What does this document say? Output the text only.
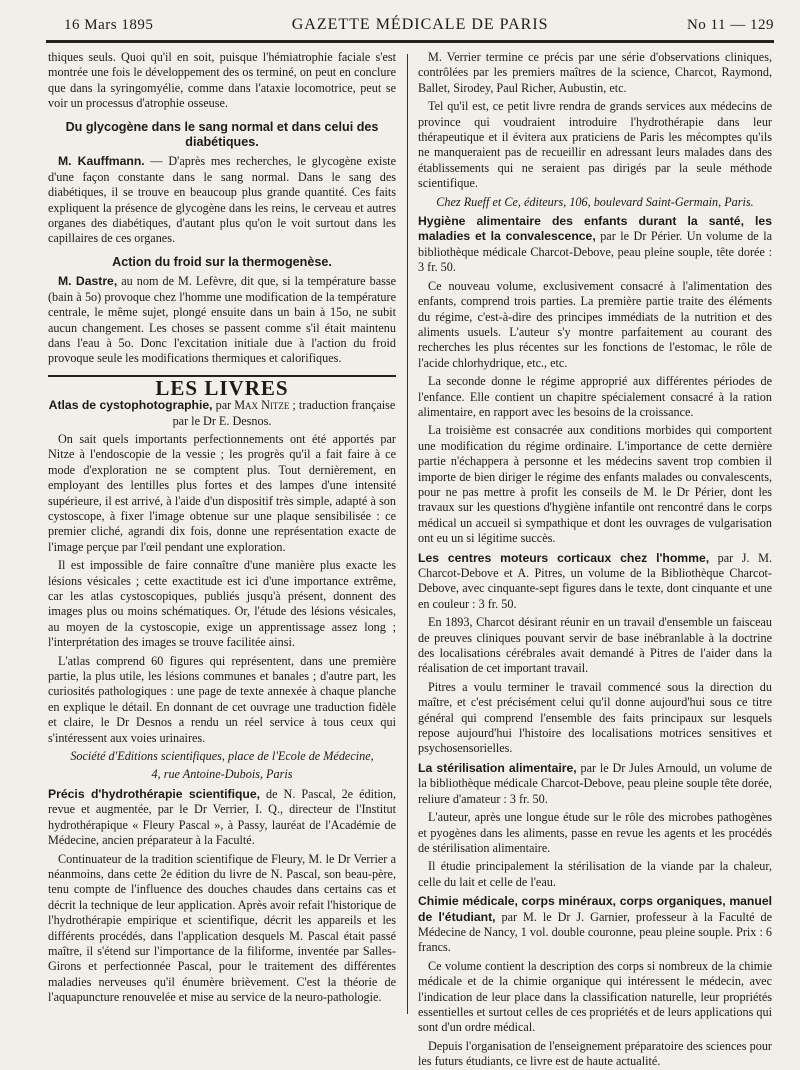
16 Mars 1895	GAZETTE MÉDICALE DE PARIS	No 11 — 129

thiques seuls. Quoi qu'il en soit, puisque l'hémiatrophie faciale s'est montrée une fois le développement des os terminé, on peut en conclure que dans la syringomyélie, comme dans l'ataxie locomotrice, peut se voir un processus d'atrophie osseuse.

Du glycogène dans le sang normal et dans celui des diabétiques.

M. Kauffmann. — D'après mes recherches, le glycogène existe d'une façon constante dans le sang normal. Dans le sang des diabétiques, il se trouve en beaucoup plus grande quantité. Ces faits expliquent la présence de glycogène dans les reins, le cerveau et autres organes des diabétiques, d'autant plus qu'on le voit surtout dans les capillaires de ces organes.

Action du froid sur la thermogenèse.

M. Dastre, au nom de M. Lefèvre, dit que, si la température basse (bain à 5o) provoque chez l'homme une modification de la température centrale, le même sujet, plongé ensuite dans un bain à 15o, ne subit aucun changement. Les choses se passent comme s'il était maintenu dans l'eau à 5o. Donc l'excitation initiale due à l'action du froid provoque seule les modifications thermiques et calorifiques.

LES LIVRES

Atlas de cystophotographie, par Max Nitze ; traduction française par le Dr E. Desnos.

On sait quels importants perfectionnements ont été apportés par Nitze à l'endoscopie de la vessie ; les progrès qu'il a fait faire à ce mode d'exploration ne se comptent plus. Tout dernièrement, en employant des lentilles plus fortes et des lampes d'une intensité supérieure, il est arrivé, à l'aide d'un dispositif très simple, adapté à son cystoscope, à fixer l'image obtenue sur une plaque sensibilisée : ce premier cliché, agrandi dix fois, donne une représentation exacte de l'image perçue par l'œil pendant une exploration.

Il est impossible de faire connaître d'une manière plus exacte les lésions vésicales ; cette exactitude est ici d'une importance extrême, car les atlas cystoscopiques, publiés jusqu'à présent, donnent des images plus ou moins schématiques. Or, l'étude des lésions vésicales, au moyen de la cystoscopie, exige un apprentissage assez long ; l'interprétation des images se trouve facilitée ainsi.

L'atlas comprend 60 figures qui représentent, dans une première partie, la plus utile, les lésions communes et banales ; d'autre part, les curiosités pathologiques : une page de texte annexée à chaque planche en explique le détail. En donnant de cet ouvrage une traduction fidèle et claire, le Dr Desnos a rendu un réel service à tous ceux qui s'intéressent aux voies urinaires.

Société d'Editions scientifiques, place de l'Ecole de Médecine,

4, rue Antoine-Dubois, Paris

Précis d'hydrothérapie scientifique, de N. Pascal, 2e édition, revue et augmentée, par le Dr Verrier, I. Q., directeur de l'Institut hydrothérapique « Fleury Pascal », à Passy, lauréat de l'Académie de Médecine, ancien préparateur à la Faculté.

Continuateur de la tradition scientifique de Fleury, M. le Dr Verrier a néanmoins, dans cette 2e édition du livre de N. Pascal, son beau-père, tenu compte de l'influence des douches chaudes dans certains cas et décrit la technique de leur application. Après avoir refait l'historique de l'hydrothérapie empirique et scientifique, décrit les appareils et les différents procédés, dans l'application desquels M. Pascal était passé maître, il s'étend sur l'importance de la filiforme, inventée par Salles-Girons et perfectionnée Pascal, pour le traitement des différentes maladies nerveuses qu'il énumère brièvement. C'est la théorie de l'aquapuncture renouvelée et mise au service de la neuro-pathologie.

M. Verrier termine ce précis par une série d'observations cliniques, contrôlées par les premiers maîtres de la science, Charcot, Raymond, Ballet, Sirodey, Paul Richer, Aubustin, etc.

Tel qu'il est, ce petit livre rendra de grands services aux médecins de province qui voudraient introduire l'hydrothérapie dans leur thérapeutique et il évitera aux praticiens de Paris les mécomptes qu'ils ne manqueraient pas de recueillir en adressant leurs malades dans des établissements qui ne seraient pas dirigés par la seule méthode scientifique.

Chez Rueff et Ce, éditeurs, 106, boulevard Saint-Germain, Paris.

Hygiène alimentaire des enfants durant la santé, les maladies et la convalescence, par le Dr Périer. Un volume de la bibliothèque médicale Charcot-Debove, peau pleine souple, tête dorée : 3 fr. 50.

Ce nouveau volume, exclusivement consacré à l'alimentation des enfants, comprend trois parties. La première partie traite des éléments du régime, c'est-à-dire des principes immédiats de la nutrition et des aliments usuels. L'auteur s'y montre parfaitement au courant des recherches les plus récentes sur les fonctions de l'estomac, le rôle de l'acide chlorhydrique, etc., etc.

La seconde donne le régime approprié aux différentes périodes de l'enfance. Elle contient un chapitre spécialement consacré à la ration alimentaire, en rapport avec les besoins de la croissance.

La troisième est consacrée aux conditions morbides qui comportent une modification du régime ordinaire. L'importance de cette dernière partie n'échappera à personne et les médecins savent trop combien il importe de bien diriger le régime des enfants malades ou convalescents, pour ne pas mettre à profit les conseils de M. le Dr Périer, dont les travaux sur les questions d'hygiène infantile ont rencontré dans le corps médical un accueil si sympathique et dont les ouvrages de vulgarisation ont eu un si légitime succès.

Les centres moteurs corticaux chez l'homme, par J. M. Charcot-Debove et A. Pitres, un volume de la Bibliothèque Charcot-Debove, avec cinquante-sept figures dans le texte, dont cinquante et une en couleur : 3 fr. 50.

En 1893, Charcot désirant réunir en un travail d'ensemble un faisceau de preuves cliniques pouvant servir de base inébranlable à la doctrine des localisations cérébrales avait demandé à Pitres de l'aider dans la réalisation de cet important travail.

Pitres a voulu terminer le travail commencé sous la direction du maître, et c'est précisément celui qu'il donne aujourd'hui sous ce titre général qui comprend l'ensemble des faits principaux sur lesquels repose aujourd'hui l'histoire des localisations motrices sensitives et psychosensorielles.

La stérilisation alimentaire, par le Dr Jules Arnould, un volume de la bibliothèque médicale Charcot-Debove, peau pleine souple tête dorée, reliure d'amateur : 3 fr. 50.

L'auteur, après une longue étude sur le rôle des microbes pathogènes et pyogènes dans les aliments, passe en revue les agents et les procédés de stérilisation alimentaire.

Il étudie principalement la stérilisation de la viande par la chaleur, celle du lait et celle de l'eau.

Chimie médicale, corps minéraux, corps organiques, manuel de l'étudiant, par M. le Dr J. Garnier, professeur à la Faculté de Médecine de Nancy, 1 vol. double couronne, peau pleine souple. Prix : 6 francs.

Ce volume contient la description des corps si nombreux de la chimie médicale et de la chimie organique qui intéressent le médecin, avec l'indication de leur place dans la classification naturelle, leur propriétés essentielles et surtout celles de ces propriétés et de leurs applications qui sont d'un ordre médical.

Depuis l'organisation de l'enseignement préparatoire des sciences pour les futurs étudiants, ce livre est de haute actualité.
